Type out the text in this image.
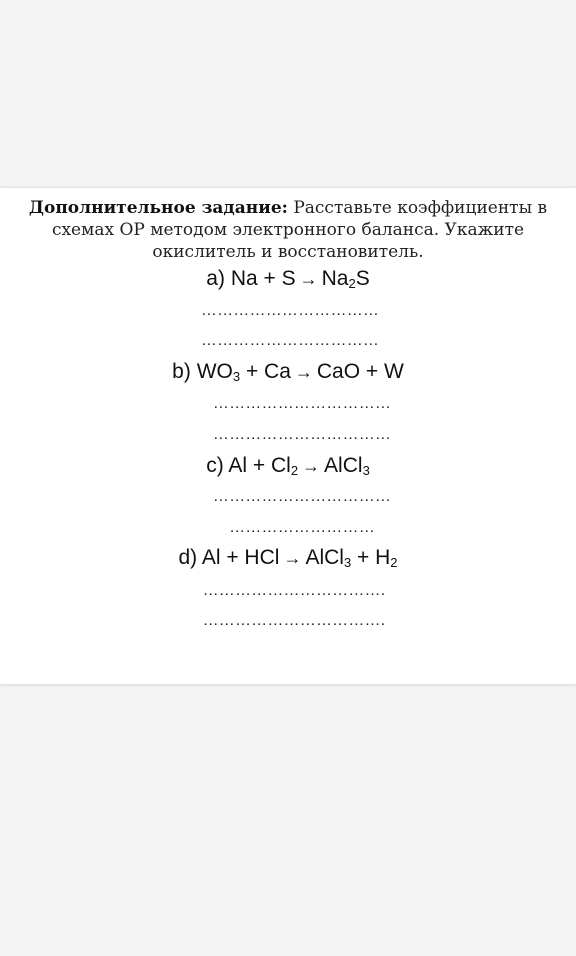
Дополнительное задание: Расставьте коэффициенты в схемах ОР методом электронного баланса. Укажите окислитель и восстановитель.
a) $Na + S \to Na_2S$
……………………………
……………………………
b) $WO_3 + Ca$ → CaO + W
……………………………
……………………………
c) $Al + Cl_2$ → AlCl$_3$
……………………………
………………………
d) Al + HCl → AlCl$_3$ + $H_2$
…………………………….
…………………………….
